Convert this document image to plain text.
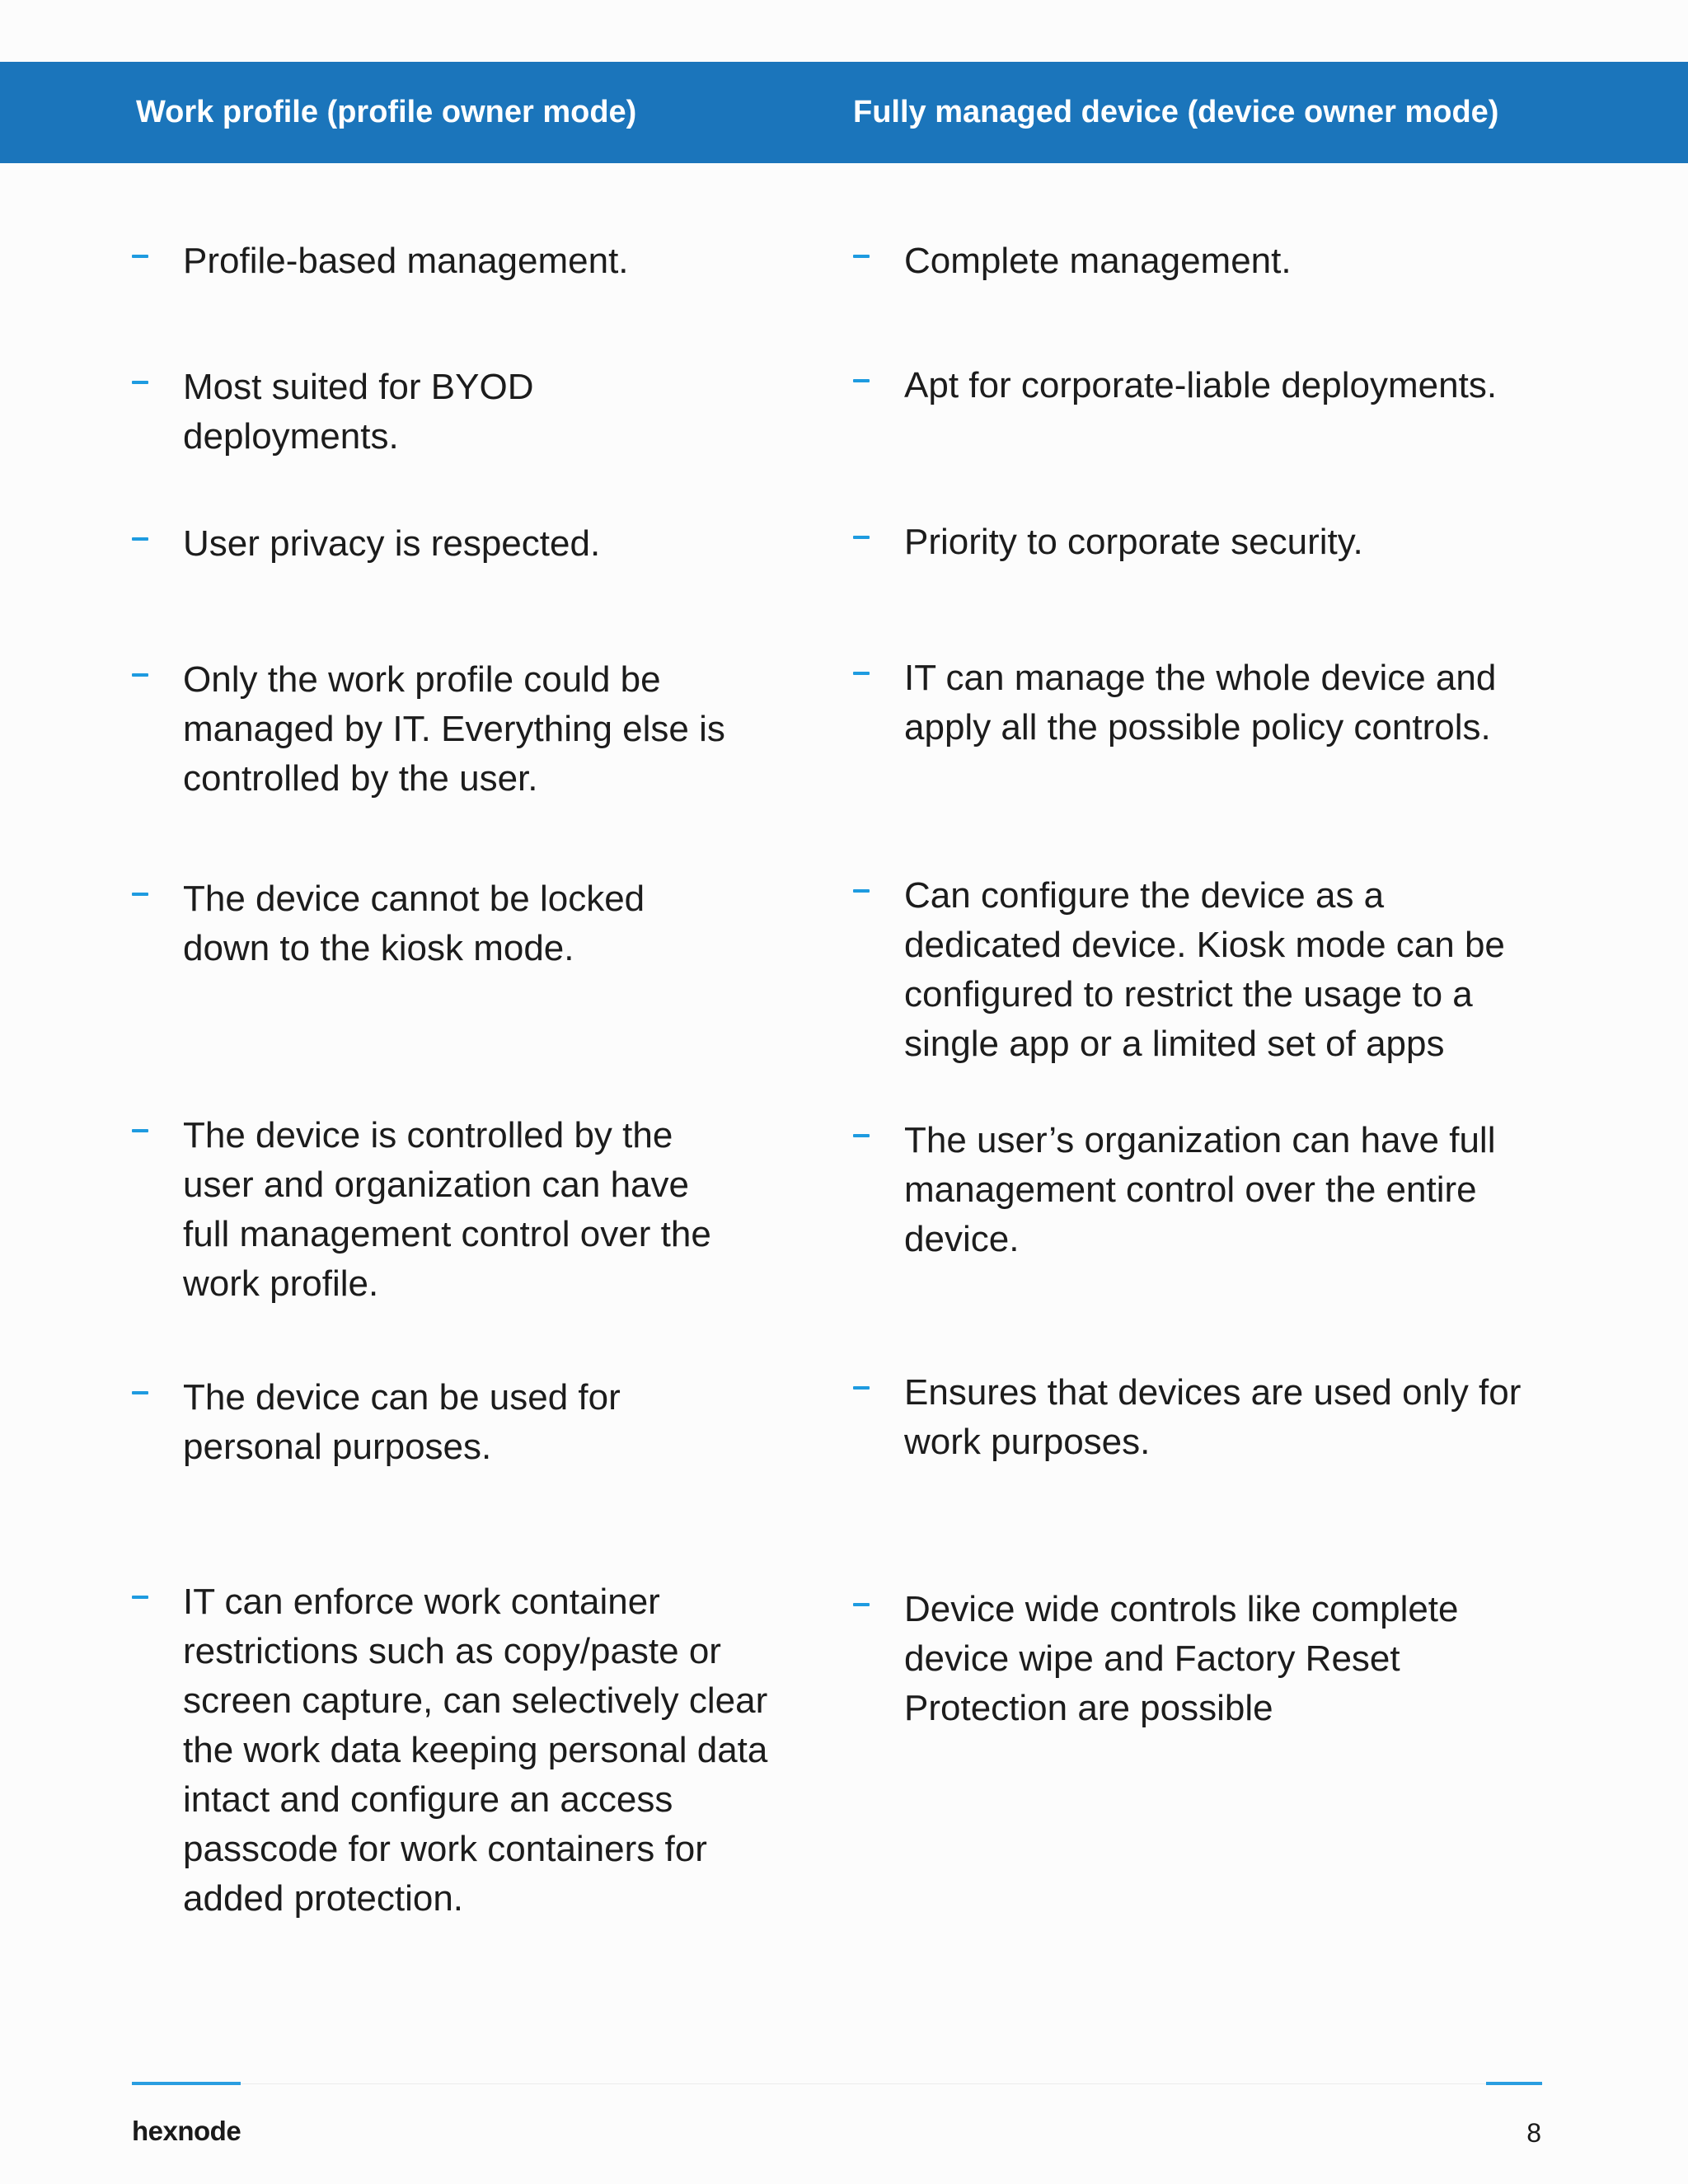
Work profile (profile owner mode)	Fully managed device (device owner mode)
Profile-based management.
Most suited for BYOD deployments.
User privacy is respected.
Only the work profile could be managed by IT. Everything else is controlled by the user.
The device cannot be locked down to the kiosk mode.
The device is controlled by the user and organization can have full management control over the work profile.
The device can be used for personal purposes.
IT can enforce work container restrictions such as copy/paste or screen capture, can selectively clear the work data keeping personal data intact and configure an access passcode for work containers for added protection.
Complete management.
Apt for corporate-liable deployments.
Priority to corporate security.
IT can manage the whole device and apply all the possible policy controls.
Can configure the device as a dedicated device. Kiosk mode can be configured to restrict the usage to a single app or a limited set of apps
The user’s organization can have full management control over the entire device.
Ensures that devices are used only for work purposes.
Device wide controls like complete device wipe and Factory Reset Protection are possible
hexnode	8
